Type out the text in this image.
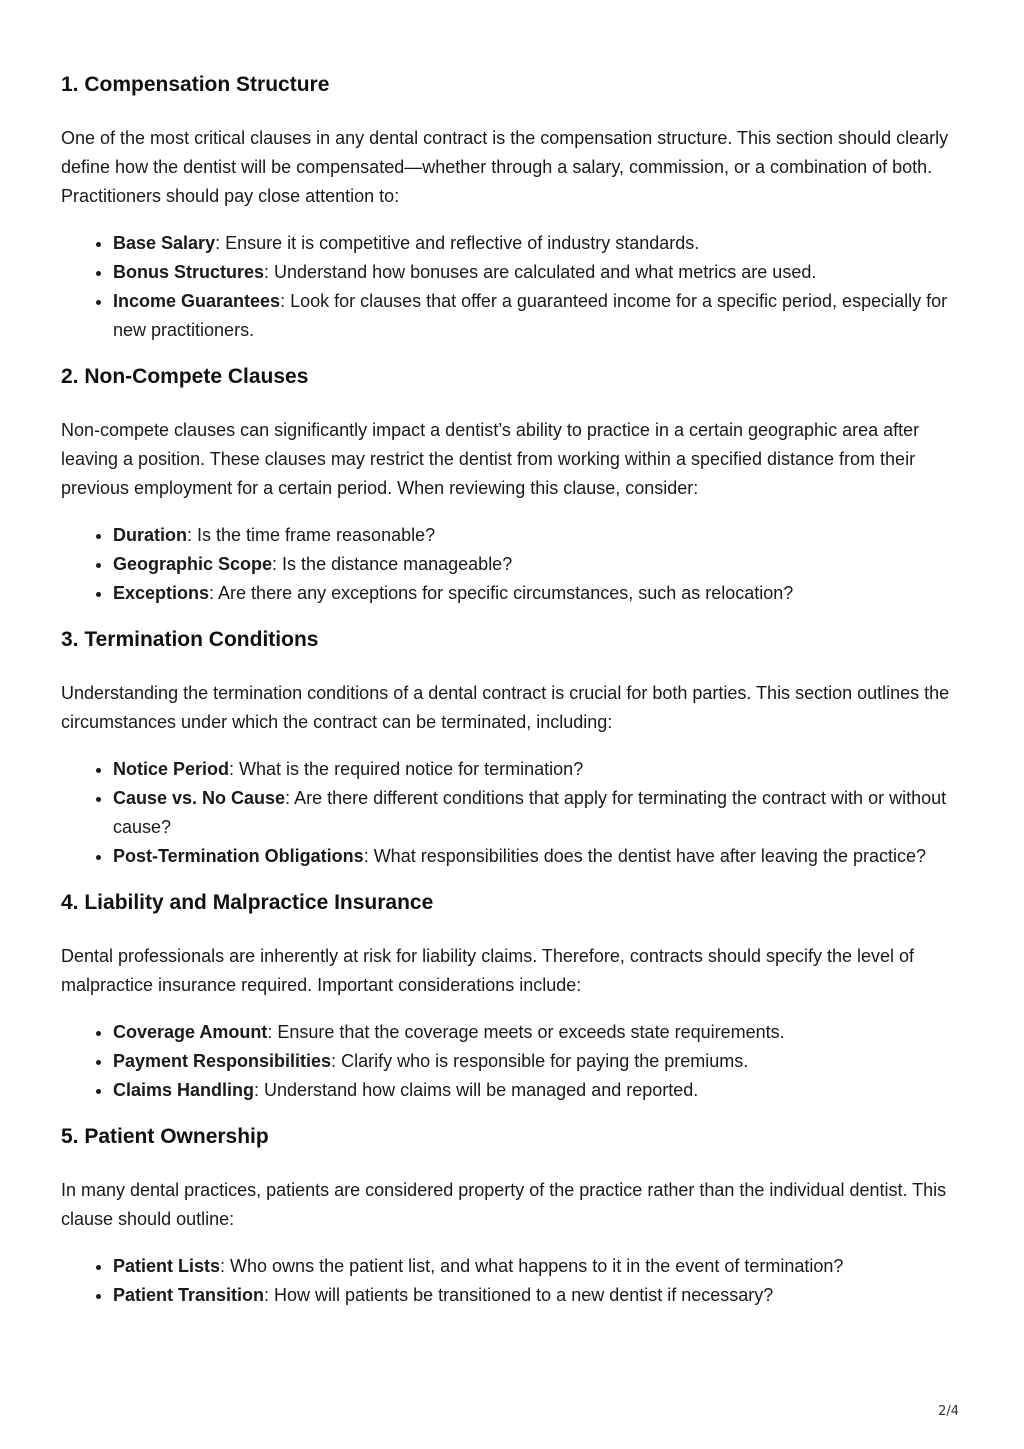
1. Compensation Structure

One of the most critical clauses in any dental contract is the compensation structure. This section should clearly define how the dentist will be compensated—whether through a salary, commission, or a combination of both. Practitioners should pay close attention to:

• Base Salary: Ensure it is competitive and reflective of industry standards.
• Bonus Structures: Understand how bonuses are calculated and what metrics are used.
• Income Guarantees: Look for clauses that offer a guaranteed income for a specific period, especially for new practitioners.
2. Non-Compete Clauses

Non-compete clauses can significantly impact a dentist’s ability to practice in a certain geographic area after leaving a position. These clauses may restrict the dentist from working within a specified distance from their previous employment for a certain period. When reviewing this clause, consider:

• Duration: Is the time frame reasonable?
• Geographic Scope: Is the distance manageable?
• Exceptions: Are there any exceptions for specific circumstances, such as relocation?
3. Termination Conditions

Understanding the termination conditions of a dental contract is crucial for both parties. This section outlines the circumstances under which the contract can be terminated, including:

• Notice Period: What is the required notice for termination?
• Cause vs. No Cause: Are there different conditions that apply for terminating the contract with or without cause?
• Post-Termination Obligations: What responsibilities does the dentist have after leaving the practice?
4. Liability and Malpractice Insurance

Dental professionals are inherently at risk for liability claims. Therefore, contracts should specify the level of malpractice insurance required. Important considerations include:

• Coverage Amount: Ensure that the coverage meets or exceeds state requirements.
• Payment Responsibilities: Clarify who is responsible for paying the premiums.
• Claims Handling: Understand how claims will be managed and reported.
5. Patient Ownership

In many dental practices, patients are considered property of the practice rather than the individual dentist. This clause should outline:

• Patient Lists: Who owns the patient list, and what happens to it in the event of termination?
• Patient Transition: How will patients be transitioned to a new dentist if necessary?
2/4
